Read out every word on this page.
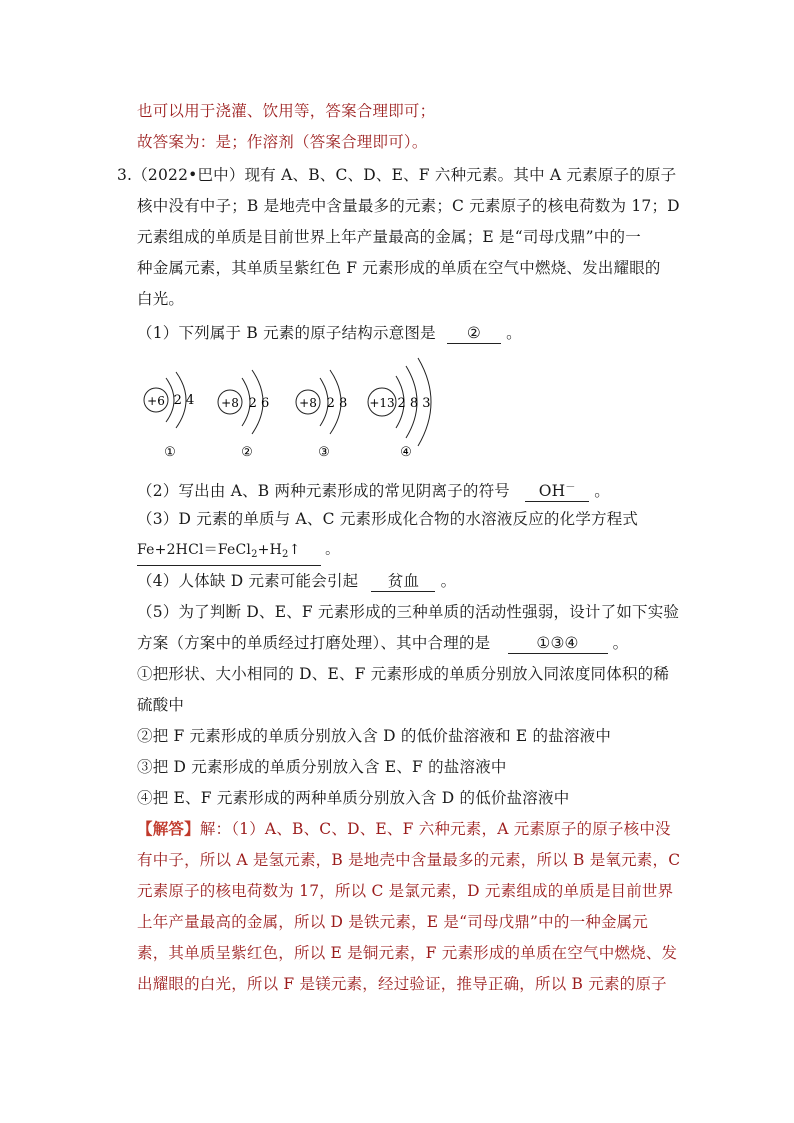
也可以用于浇灌、饮用等，答案合理即可；
故答案为：是；作溶剂（答案合理即可）。
3.（2022•巴中）现有 A、B、C、D、E、F 六种元素。其中 A 元素原子的原子
核中没有中子；B 是地壳中含量最多的元素；C 元素原子的核电荷数为 17；D
元素组成的单质是目前世界上年产量最高的金属；E 是“司母戊鼎”中的一
种金属元素，其单质呈紫红色 F 元素形成的单质在空气中燃烧、发出耀眼的
白光。
（1）下列属于 B 元素的原子结构示意图是 ② 。
+6 2 4
①
+8 2 6
②
+8 2 8
③
+13 2 8 3
④
（2）写出由 A、B 两种元素形成的常见阴离子的符号 OH－ 。
（3）D 元素的单质与 A、C 元素形成化合物的水溶液反应的化学方程式
$Fe+2HCl=FeCl_2+H_2↑$ 。
（4）人体缺 D 元素可能会引起 贫血 。
（5）为了判断 D、E、F 元素形成的三种单质的活动性强弱，设计了如下实验
方案（方案中的单质经过打磨处理）、其中合理的是	①③④ 。
①把形状、大小相同的 D、E、F 元素形成的单质分别放入同浓度同体积的稀
硫酸中
②把 F 元素形成的单质分别放入含 D 的低价盐溶液和 E 的盐溶液中
③把 D 元素形成的单质分别放入含 E、F 的盐溶液中
④把 E、F 元素形成的两种单质分别放入含 D 的低价盐溶液中
【解答】解：（1）A、B、C、D、E、F 六种元素，A 元素原子的原子核中没
有中子，所以 A 是氢元素，B 是地壳中含量最多的元素，所以 B 是氧元素，C
元素原子的核电荷数为 17，所以 C 是氯元素，D 元素组成的单质是目前世界
上年产量最高的金属，所以 D 是铁元素，E 是“司母戊鼎”中的一种金属元
素，其单质呈紫红色，所以 E 是铜元素，F 元素形成的单质在空气中燃烧、发
出耀眼的白光，所以 F 是镁元素，经过验证，推导正确，所以 B 元素的原子
